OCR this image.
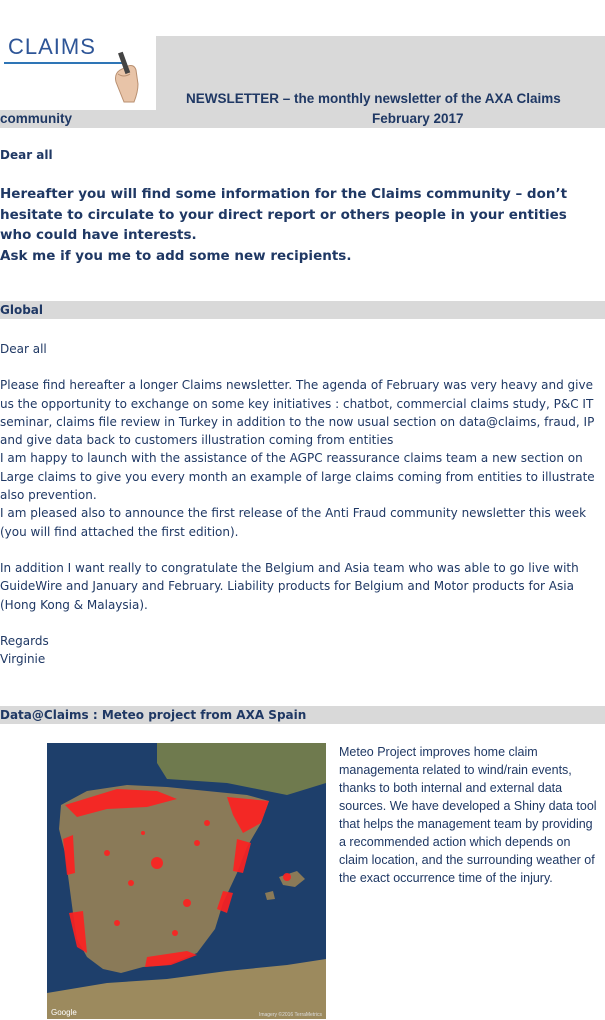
CLAIMS
NEWSLETTER – the monthly newsletter of the AXA Claims
community	February 2017
Dear all

Hereafter you will find some information for the Claims community – don’t hesitate to circulate to your direct report or others people in your entities who could have interests.

Ask me if you me to add some new recipients.

Global

Dear all

Please find hereafter a longer Claims newsletter. The agenda of February was very heavy and give us the opportunity to exchange on some key initiatives : chatbot, commercial claims study, P&C IT seminar, claims file review in Turkey in addition to the now usual section on data@claims, fraud, IP and give data back to customers illustration coming from entities

I am happy to launch with the assistance of the AGPC reassurance claims team a new section on Large claims to give you every month an example of large claims coming from entities to illustrate also prevention.

I am pleased also to announce the first release of the Anti Fraud community newsletter this week (you will find attached the first edition).

In addition I want really to congratulate the Belgium and Asia team who was able to go live with GuideWire and January and February. Liability products for Belgium and Motor products for Asia (Hong Kong & Malaysia).

Regards

Virginie

Data@Claims : Meteo project from AXA Spain
Google	Imagery ©2016 TerraMetrics
Meteo Project improves home claim managementa related to wind/rain events, thanks to both internal and external data sources. We have developed a Shiny data tool that helps the management team by providing a recommended action which depends on claim location, and the surrounding weather of the exact occurrence time of the injury.
